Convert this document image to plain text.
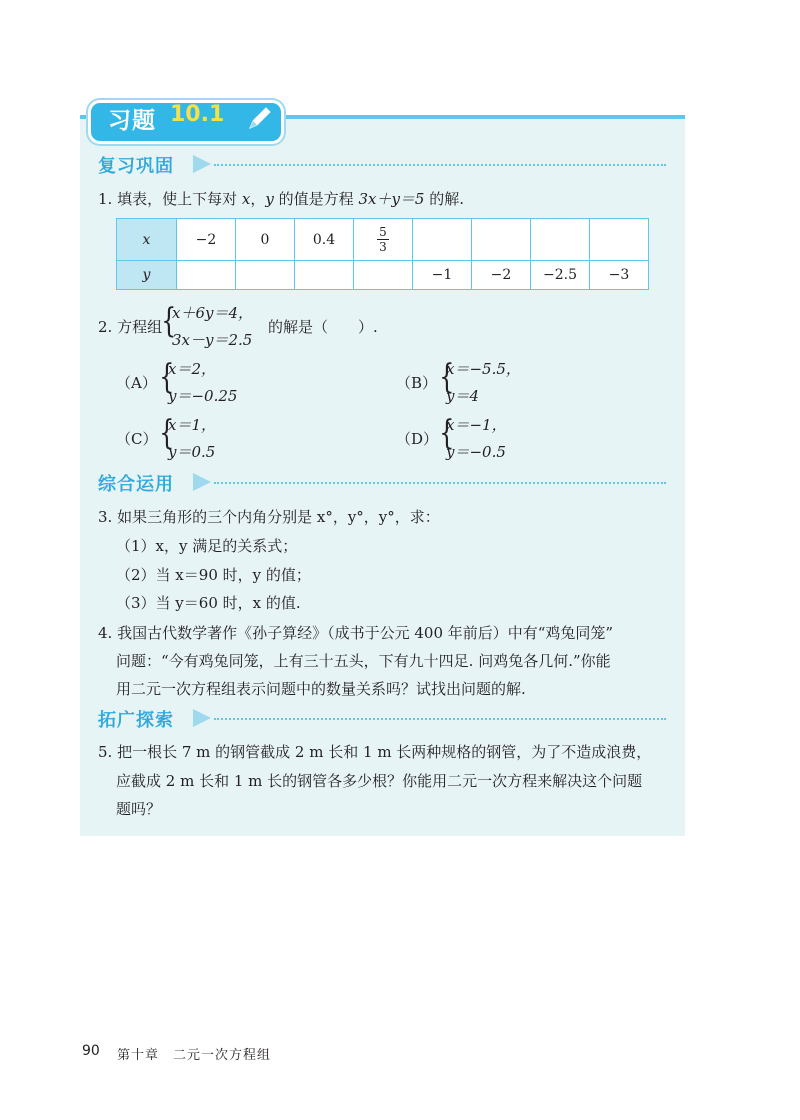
习题 10.1
复习巩固
1. 填表，使上下每对 x，y 的值是方程 3x＋y＝5 的解.
x	−2	0	0.4	$\frac{5}{3}$

y					−1	−2	−2.5	−3
2. 方程组 {
x＋6y＝4，
3x－y＝2.5
的解是（　　）.
（A） {
x＝2，
y＝−0.25
（B） {
x＝−5.5，
y＝4
（C） {
x＝1，
y＝0.5
（D） {
x＝−1，
y＝−0.5
综合运用
3. 如果三角形的三个内角分别是 x°，y°，y°，求：
（1）x，y 满足的关系式；
（2）当 x＝90 时，y 的值；
（3）当 y＝60 时，x 的值.
4. 我国古代数学著作《孙子算经》（成书于公元 400 年前后）中有“鸡兔同笼”
问题：“今有鸡兔同笼，上有三十五头，下有九十四足. 问鸡兔各几何.”你能
用二元一次方程组表示问题中的数量关系吗？试找出问题的解.
拓广探索
5. 把一根长 7 m 的钢管截成 2 m 长和 1 m 长两种规格的钢管，为了不造成浪费，
应截成 2 m 长和 1 m 长的钢管各多少根？你能用二元一次方程来解决这个问题
题吗？
90 第十章　二元一次方程组
